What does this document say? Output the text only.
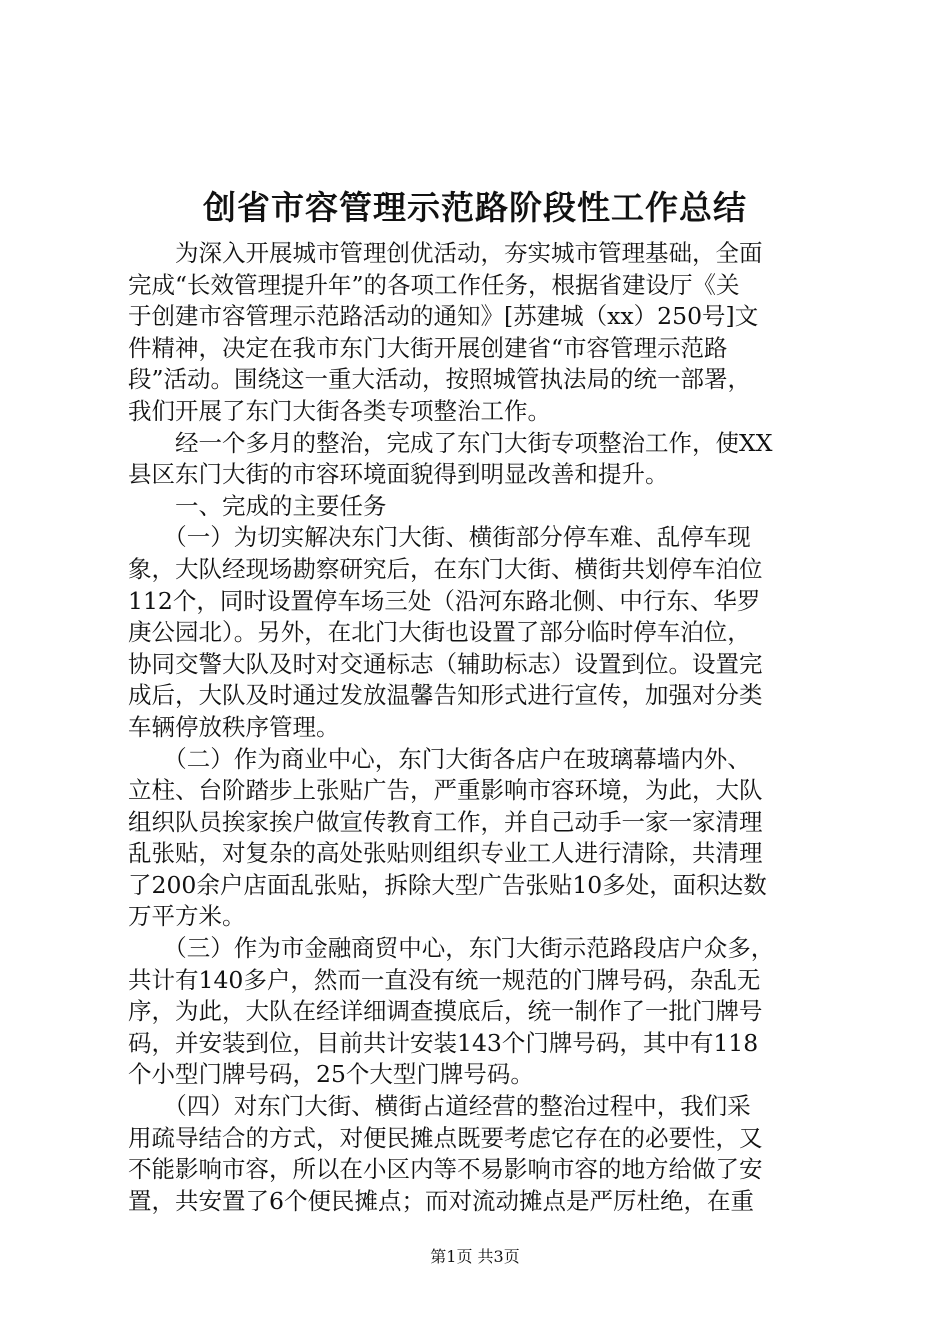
创省市容管理示范路阶段性工作总结
　　为深入开展城市管理创优活动，夯实城市管理基础，全面
完成“长效管理提升年”的各项工作任务，根据省建设厅《关
于创建市容管理示范路活动的通知》[苏建城（xx）250号]文
件精神，决定在我市东门大街开展创建省“市容管理示范路
段”活动。围绕这一重大活动，按照城管执法局的统一部署，
我们开展了东门大街各类专项整治工作。
　　经一个多月的整治，完成了东门大街专项整治工作，使XX
县区东门大街的市容环境面貌得到明显改善和提升。
　　一、完成的主要任务
　　（一）为切实解决东门大街、横街部分停车难、乱停车现
象，大队经现场勘察研究后，在东门大街、横街共划停车泊位
112个，同时设置停车场三处（沿河东路北侧、中行东、华罗
庚公园北）。另外，在北门大街也设置了部分临时停车泊位，
协同交警大队及时对交通标志（辅助标志）设置到位。设置完
成后，大队及时通过发放温馨告知形式进行宣传，加强对分类
车辆停放秩序管理。
　　（二）作为商业中心，东门大街各店户在玻璃幕墙内外、
立柱、台阶踏步上张贴广告，严重影响市容环境，为此，大队
组织队员挨家挨户做宣传教育工作，并自己动手一家一家清理
乱张贴，对复杂的高处张贴则组织专业工人进行清除，共清理
了200余户店面乱张贴，拆除大型广告张贴10多处，面积达数
万平方米。
　　（三）作为市金融商贸中心，东门大街示范路段店户众多，
共计有140多户，然而一直没有统一规范的门牌号码，杂乱无
序，为此，大队在经详细调查摸底后，统一制作了一批门牌号
码，并安装到位，目前共计安装143个门牌号码，其中有118
个小型门牌号码，25个大型门牌号码。
　　（四）对东门大街、横街占道经营的整治过程中，我们采
用疏导结合的方式，对便民摊点既要考虑它存在的必要性，又
不能影响市容，所以在小区内等不易影响市容的地方给做了安
置，共安置了6个便民摊点；而对流动摊点是严厉杜绝，在重
第1页 共3页
